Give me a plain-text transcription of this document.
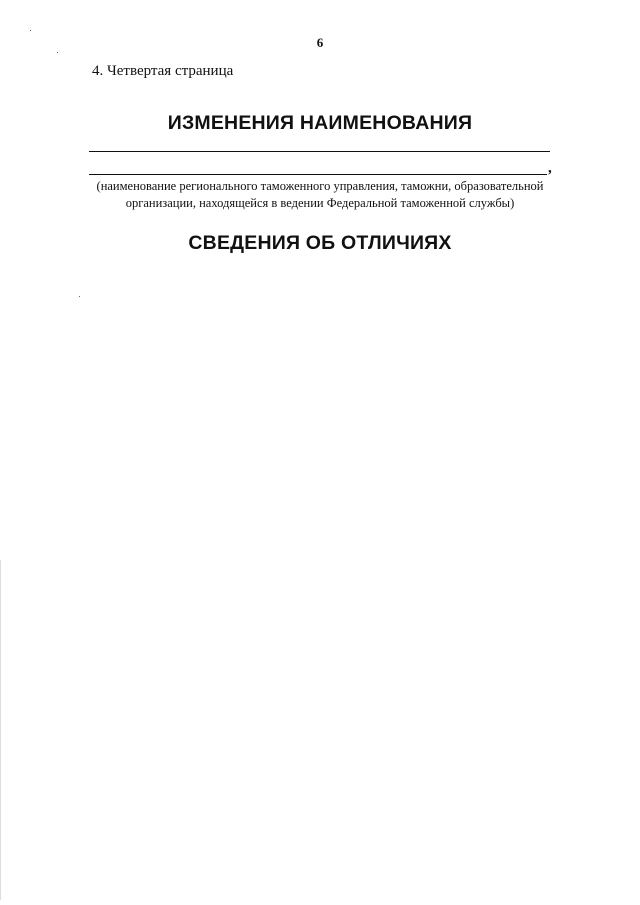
6
4. Четвертая страница
ИЗМЕНЕНИЯ НАИМЕНОВАНИЯ
,
(наименование регионального таможенного управления, таможни, образовательной
организации, находящейся в ведении Федеральной таможенной службы)
СВЕДЕНИЯ ОБ ОТЛИЧИЯХ
